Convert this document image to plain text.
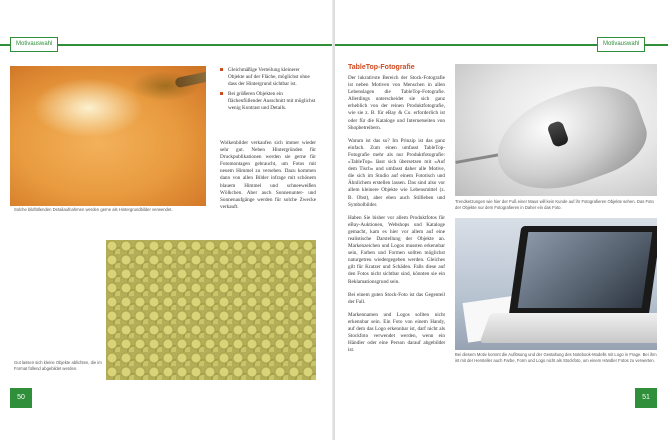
Motivauswahl
Solche bildfüllenden Detailaufnahmen werden gerne als Hintergrundbilder verwendet.
Gleichmäßige Verteilung kleinerer Objekte auf der Fläche, möglichst ohne dass der Hintergrund sichtbar ist.
Bei größeren Objekten ein flächenfüllender Ausschnitt mit möglichst wenig Kontrast und Details.
Wolkenbilder verkaufen sich immer wieder sehr gut. Neben Hintergründen für Druckpublikationen werden sie gerne für Fotomontagen gebraucht, um Fotos mit neuem Himmel zu versehen. Dazu kommen dann von allen Bilder infrage mit schönem blauem Himmel und schneeweißen Wölkchen. Aber auch Sonnenunter- und Sonnenaufgänge werden für solche Zwecke verkauft.
Gut lassen sich kleine Objekte ablichten, die im Format füllend abgebildet werden.
50
Motivauswahl
TableTop-Fotografie

Der lukrativste Bereich der Stock-Fotografie ist neben Motiven von Menschen in allen Lebenslagen die TableTop-Fotografie. Allerdings unterscheidet sie sich ganz erheblich von der reinen Produktfotografie, wie sie z. B. für eBay & Co. erforderlich ist oder für die Kataloge und Internetseiten von Shopbetreibern.

Warum ist das so? Im Prinzip ist das ganz einfach. Zum einen umfasst TableTop-Fotografie mehr als nur Produktfotografie: »TableTop« lässt sich übersetzen mit »Auf dem Tisch« und umfasst daher alle Motive, die sich im Studio auf einem Fototisch und Ähnlichem erstellen lassen. Das sind also vor allem kleinere Objekte wie Lebensmittel (z. B. Obst), aber eben auch Stillleben und Symbolbilder.

Haben Sie bisher vor allem Produktfotos für eBay-Auktionen, Webshops und Kataloge gemacht, kam es hier vor allem auf eine realistische Darstellung der Objekte an. Markenzeichen und Logos mussten erkennbar sein, Farben und Formen sollten möglichst naturgetreu wiedergegeben werden. Gleiches gilt für Kratzer und Schäden. Falls diese auf den Fotos nicht sichtbar sind, könnten sie ein Reklamationsgrund sein.

Bei einem guten Stock-Foto ist das Gegenteil der Fall.

Markennamen und Logos sollten nicht erkennbar sein. Ein Foto von einem Handy, auf dem das Logo erkennbar ist, darf nicht als Stockfoto verwendet werden, wenn ein Händler oder eine Person darauf abgebildet ist.

Trendsetzungen wie hier der Fuß einer Maus will kein Kunde auf ihr Fotografieren Objekte sehen. Das Foto der Objekte nur dem Fotografieren in Daher ein das Foto.
Bei diesem Motiv kommt die Auflösung und der Gestaltung des Notebook-Modells mit Logo in Frage. Bei ihm ist mit der Hersteller auch Farbe, Form und Logo nicht als Stockfoto, um einem Händler Fotos zu verwerten.
51
